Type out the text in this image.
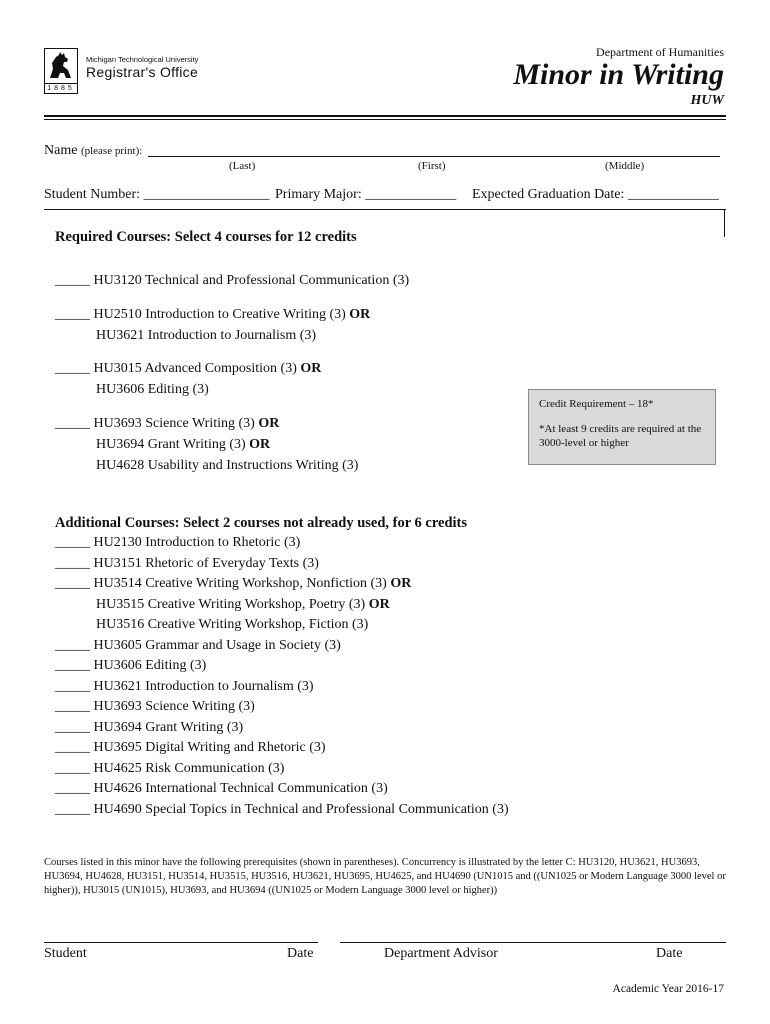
1885
Michigan Technological University
Registrar's Office
Department of Humanities
Minor in Writing
HUW
Name (please print):
(Last)	(First)	(Middle)
Student Number: __________________ Primary Major: _____________ Expected Graduation Date: _____________
Required Courses: Select 4 courses for 12 credits
_____ HU3120 Technical and Professional Communication (3)
_____ HU2510 Introduction to Creative Writing (3) OR
HU3621 Introduction to Journalism (3)
_____ HU3015 Advanced Composition (3) OR
HU3606 Editing (3)
_____ HU3693 Science Writing (3) OR
HU3694 Grant Writing (3) OR
HU4628 Usability and Instructions Writing (3)
Credit Requirement – 18*
*At least 9 credits are required at the 3000-level or higher
Additional Courses: Select 2 courses not already used, for 6 credits
_____ HU2130 Introduction to Rhetoric (3)
_____ HU3151 Rhetoric of Everyday Texts (3)
_____ HU3514 Creative Writing Workshop, Nonfiction (3) OR
HU3515 Creative Writing Workshop, Poetry (3) OR
HU3516 Creative Writing Workshop, Fiction (3)
_____ HU3605 Grammar and Usage in Society (3)
_____ HU3606 Editing (3)
_____ HU3621 Introduction to Journalism (3)
_____ HU3693 Science Writing (3)
_____ HU3694 Grant Writing (3)
_____ HU3695 Digital Writing and Rhetoric (3)
_____ HU4625 Risk Communication (3)
_____ HU4626 International Technical Communication (3)
_____ HU4690 Special Topics in Technical and Professional Communication (3)
Courses listed in this minor have the following prerequisites (shown in parentheses). Concurrency is illustrated by the letter C: HU3120, HU3621, HU3693, HU3694, HU4628, HU3151, HU3514, HU3515, HU3516, HU3621, HU3695, HU4625, and HU4690 (UN1015 and ((UN1025 or Modern Language 3000 level or higher)), HU3015 (UN1015), HU3693, and HU3694 ((UN1025 or Modern Language 3000 level or higher))
Student	Date	Department Advisor	Date
Academic Year 2016-17
